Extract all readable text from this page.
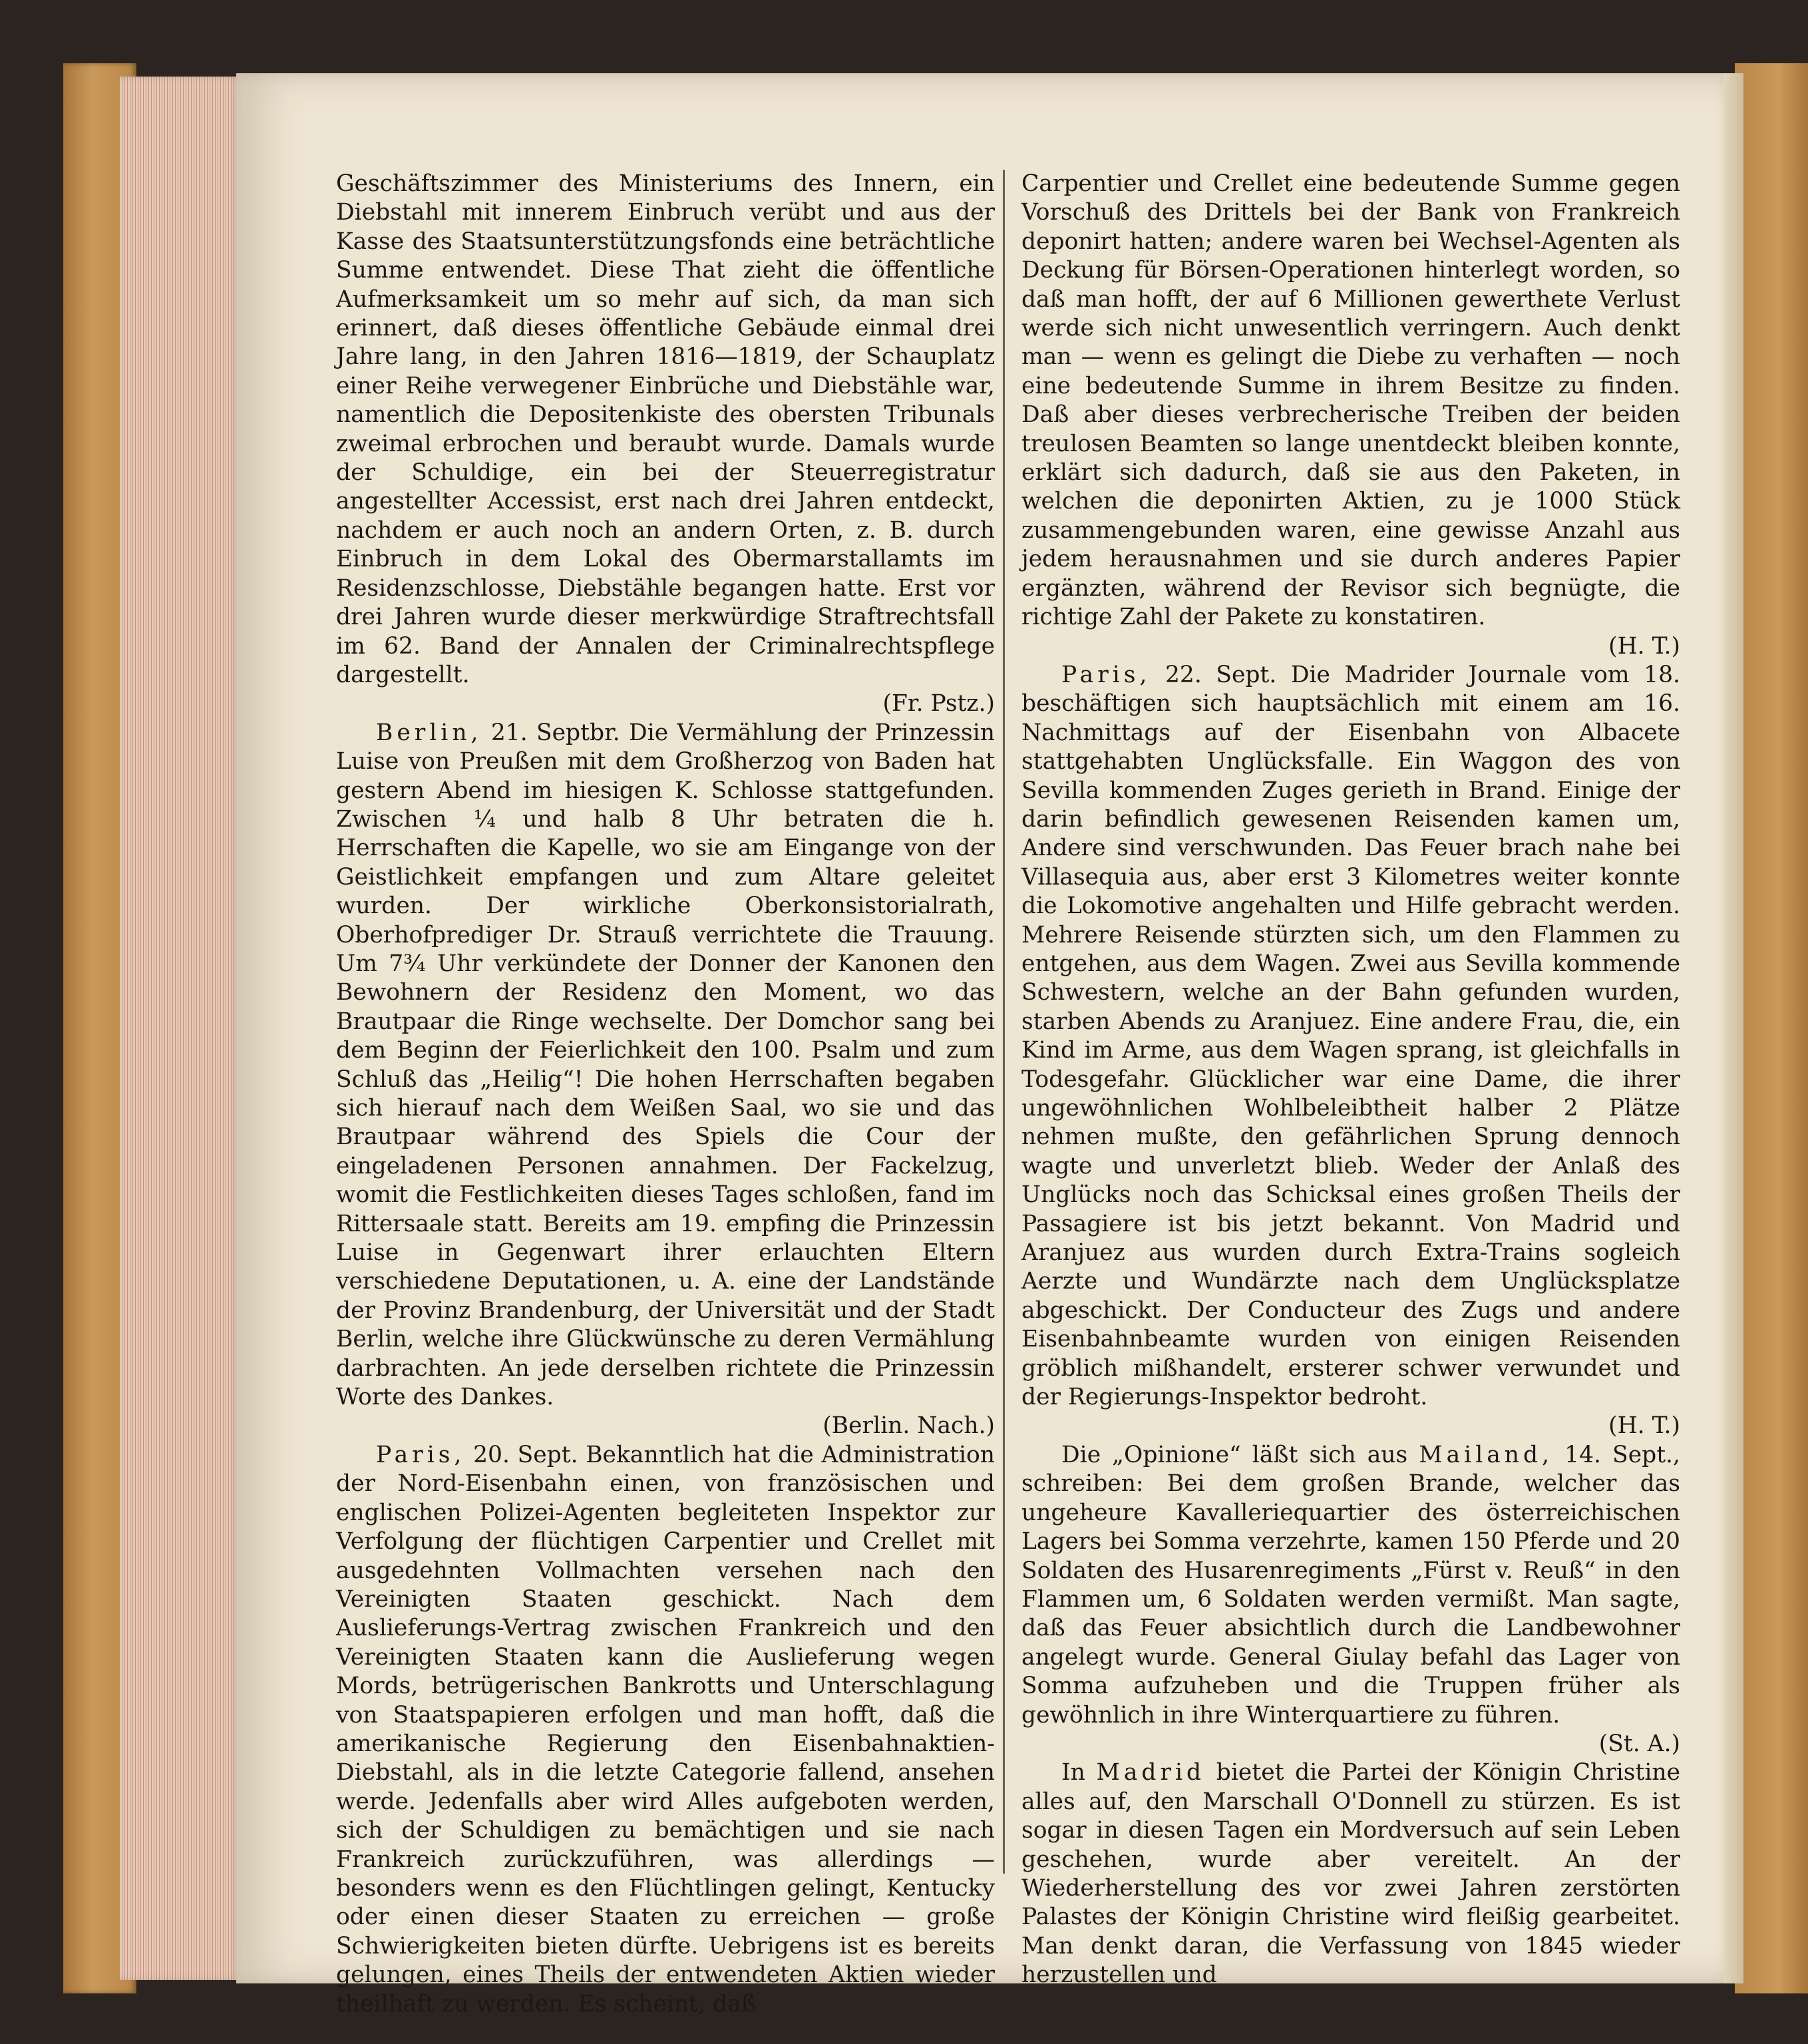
Geschäftszimmer des Ministeriums des Innern, ein Diebstahl mit innerem Einbruch verübt und aus der Kasse des Staatsunterstützungsfonds eine beträchtliche Summe entwendet. Diese That zieht die öffentliche Aufmerksamkeit um so mehr auf sich, da man sich erinnert, daß dieses öffentliche Gebäude einmal drei Jahre lang, in den Jahren 1816—1819, der Schauplatz einer Reihe verwegener Einbrüche und Diebstähle war, namentlich die Depositenkiste des obersten Tribunals zweimal erbrochen und beraubt wurde. Damals wurde der Schuldige, ein bei der Steuerregistratur angestellter Accessist, erst nach drei Jahren entdeckt, nachdem er auch noch an andern Orten, z. B. durch Einbruch in dem Lokal des Obermarstallamts im Residenzschlosse, Diebstähle begangen hatte. Erst vor drei Jahren wurde dieser merkwürdige Straftrechtsfall im 62. Band der Annalen der Criminalrechtspflege dargestellt.

(Fr. Pstz.)

Berlin, 21. Septbr. Die Vermählung der Prinzessin Luise von Preußen mit dem Großherzog von Baden hat gestern Abend im hiesigen K. Schlosse stattgefunden. Zwischen ¼ und halb 8 Uhr betraten die h. Herrschaften die Kapelle, wo sie am Eingange von der Geistlichkeit empfangen und zum Altare geleitet wurden. Der wirkliche Oberkonsistorialrath, Oberhofprediger Dr. Strauß verrichtete die Trauung. Um 7¾ Uhr verkündete der Donner der Kanonen den Bewohnern der Residenz den Moment, wo das Brautpaar die Ringe wechselte. Der Domchor sang bei dem Beginn der Feierlichkeit den 100. Psalm und zum Schluß das „Heilig“! Die hohen Herrschaften begaben sich hierauf nach dem Weißen Saal, wo sie und das Brautpaar während des Spiels die Cour der eingeladenen Personen annahmen. Der Fackelzug, womit die Festlichkeiten dieses Tages schloßen, fand im Rittersaale statt. Bereits am 19. empfing die Prinzessin Luise in Gegenwart ihrer erlauchten Eltern verschiedene Deputationen, u. A. eine der Landstände der Provinz Brandenburg, der Universität und der Stadt Berlin, welche ihre Glückwünsche zu deren Vermählung darbrachten. An jede derselben richtete die Prinzessin Worte des Dankes.

(Berlin. Nach.)

Paris, 20. Sept. Bekanntlich hat die Administration der Nord-Eisenbahn einen, von französischen und englischen Polizei-Agenten begleiteten Inspektor zur Verfolgung der flüchtigen Carpentier und Crellet mit ausgedehnten Vollmachten versehen nach den Vereinigten Staaten geschickt. Nach dem Auslieferungs-Vertrag zwischen Frankreich und den Vereinigten Staaten kann die Auslieferung wegen Mords, betrügerischen Bankrotts und Unterschlagung von Staatspapieren erfolgen und man hofft, daß die amerikanische Regierung den Eisenbahnaktien-Diebstahl, als in die letzte Categorie fallend, ansehen werde. Jedenfalls aber wird Alles aufgeboten werden, sich der Schuldigen zu bemächtigen und sie nach Frankreich zurückzuführen, was allerdings — besonders wenn es den Flüchtlingen gelingt, Kentucky oder einen dieser Staaten zu erreichen — große Schwierigkeiten bieten dürfte. Uebrigens ist es bereits gelungen, eines Theils der entwendeten Aktien wieder theilhaft zu werden. Es scheint, daß

Carpentier und Crellet eine bedeutende Summe gegen Vorschuß des Drittels bei der Bank von Frankreich deponirt hatten; andere waren bei Wechsel-Agenten als Deckung für Börsen-Operationen hinterlegt worden, so daß man hofft, der auf 6 Millionen gewerthete Verlust werde sich nicht unwesentlich verringern. Auch denkt man — wenn es gelingt die Diebe zu verhaften — noch eine bedeutende Summe in ihrem Besitze zu finden. Daß aber dieses verbrecherische Treiben der beiden treulosen Beamten so lange unentdeckt bleiben konnte, erklärt sich dadurch, daß sie aus den Paketen, in welchen die deponirten Aktien, zu je 1000 Stück zusammengebunden waren, eine gewisse Anzahl aus jedem herausnahmen und sie durch anderes Papier ergänzten, während der Revisor sich begnügte, die richtige Zahl der Pakete zu konstatiren.

(H. T.)

Paris, 22. Sept. Die Madrider Journale vom 18. beschäftigen sich hauptsächlich mit einem am 16. Nachmittags auf der Eisenbahn von Albacete stattgehabten Unglücksfalle. Ein Waggon des von Sevilla kommenden Zuges gerieth in Brand. Einige der darin befindlich gewesenen Reisenden kamen um, Andere sind verschwunden. Das Feuer brach nahe bei Villasequia aus, aber erst 3 Kilometres weiter konnte die Lokomotive angehalten und Hilfe gebracht werden. Mehrere Reisende stürzten sich, um den Flammen zu entgehen, aus dem Wagen. Zwei aus Sevilla kommende Schwestern, welche an der Bahn gefunden wurden, starben Abends zu Aranjuez. Eine andere Frau, die, ein Kind im Arme, aus dem Wagen sprang, ist gleichfalls in Todesgefahr. Glücklicher war eine Dame, die ihrer ungewöhnlichen Wohlbeleibtheit halber 2 Plätze nehmen mußte, den gefährlichen Sprung dennoch wagte und unverletzt blieb. Weder der Anlaß des Unglücks noch das Schicksal eines großen Theils der Passagiere ist bis jetzt bekannt. Von Madrid und Aranjuez aus wurden durch Extra-Trains sogleich Aerzte und Wundärzte nach dem Unglücksplatze abgeschickt. Der Conducteur des Zugs und andere Eisenbahnbeamte wurden von einigen Reisenden gröblich mißhandelt, ersterer schwer verwundet und der Regierungs-Inspektor bedroht.

(H. T.)

Die „Opinione“ läßt sich aus Mailand, 14. Sept., schreiben: Bei dem großen Brande, welcher das ungeheure Kavalleriequartier des österreichischen Lagers bei Somma verzehrte, kamen 150 Pferde und 20 Soldaten des Husarenregiments „Fürst v. Reuß“ in den Flammen um, 6 Soldaten werden vermißt. Man sagte, daß das Feuer absichtlich durch die Landbewohner angelegt wurde. General Giulay befahl das Lager von Somma aufzuheben und die Truppen früher als gewöhnlich in ihre Winterquartiere zu führen.

(St. A.)

In Madrid bietet die Partei der Königin Christine alles auf, den Marschall O'Donnell zu stürzen. Es ist sogar in diesen Tagen ein Mordversuch auf sein Leben geschehen, wurde aber vereitelt. An der Wiederherstellung des vor zwei Jahren zerstörten Palastes der Königin Christine wird fleißig gearbeitet. Man denkt daran, die Verfassung von 1845 wieder herzustellen und
